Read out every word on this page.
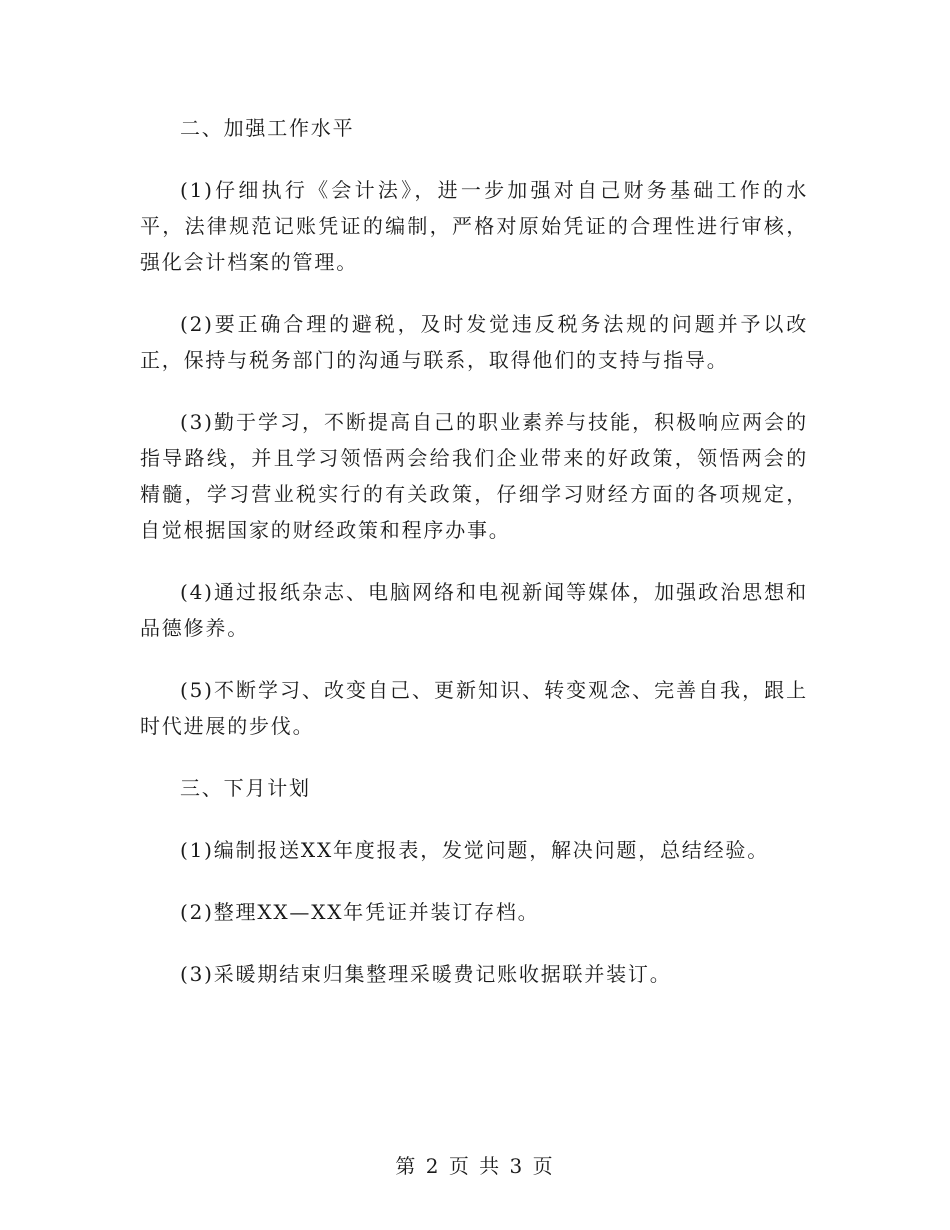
二、加强工作水平
(1)仔细执行《会计法》，进一步加强对自己财务基础工作的水平，法律规范记账凭证的编制，严格对原始凭证的合理性进行审核，强化会计档案的管理。
(2)要正确合理的避税，及时发觉违反税务法规的问题并予以改正，保持与税务部门的沟通与联系，取得他们的支持与指导。
(3)勤于学习，不断提高自己的职业素养与技能，积极响应两会的指导路线，并且学习领悟两会给我们企业带来的好政策，领悟两会的精髓，学习营业税实行的有关政策，仔细学习财经方面的各项规定，自觉根据国家的财经政策和程序办事。
(4)通过报纸杂志、电脑网络和电视新闻等媒体，加强政治思想和品德修养。
(5)不断学习、改变自己、更新知识、转变观念、完善自我，跟上时代进展的步伐。
三、下月计划
(1)编制报送XX年度报表，发觉问题，解决问题，总结经验。
(2)整理XX—XX年凭证并装订存档。
(3)采暖期结束归集整理采暖费记账收据联并装订。
第 2 页 共 3 页
